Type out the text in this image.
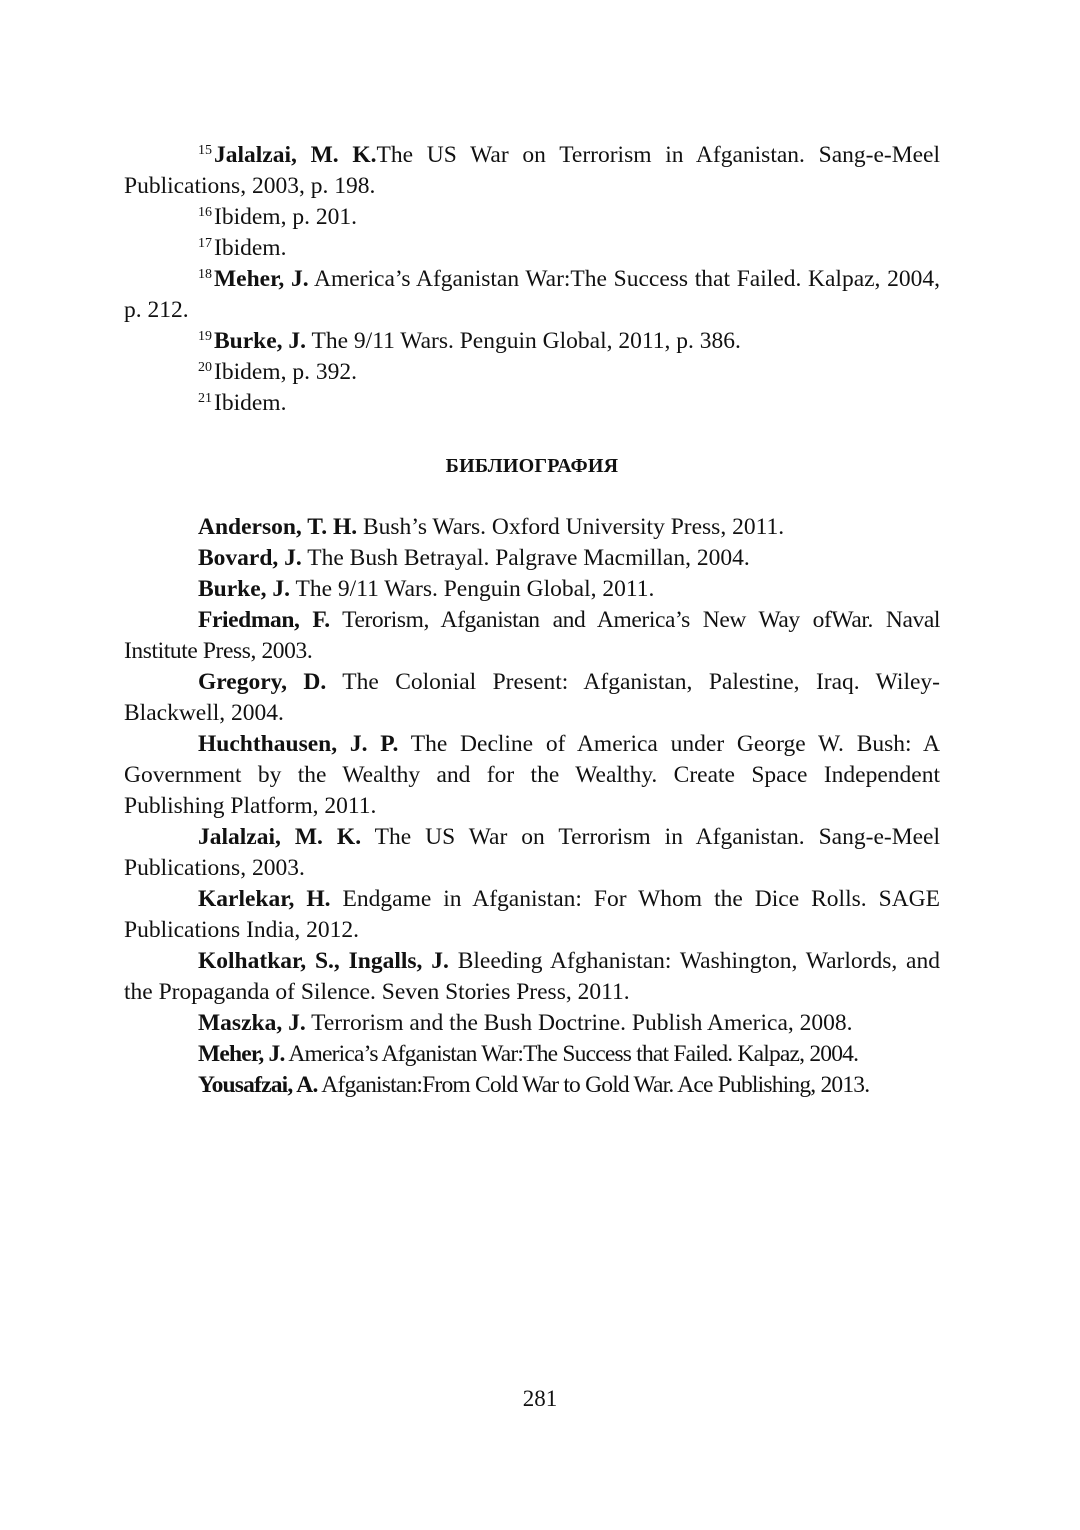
$^{15}$Jalalzai, M. K.The US War on Terrorism in Afganistan. Sang-e-Meel Publications, 2003, p. 198.

$^{16}$Ibidem, p. 201.

$^{17}$Ibidem.

$^{18}$Meher, J. America’s Afganistan War:The Success that Failed. Kalpaz, 2004, p. 212.

$^{19}$Burke, J. The 9/11 Wars. Penguin Global, 2011, p. 386.

$^{20}$Ibidem, p. 392.

$^{21}$Ibidem.

БИБЛИОГРАФИЯ

Anderson, T. H. Bush’s Wars. Oxford University Press, 2011.

Bovard, J. The Bush Betrayal. Palgrave Macmillan, 2004.

Burke, J. The 9/11 Wars. Penguin Global, 2011.

Friedman, F. Terorism, Afganistan and America’s New Way ofWar. Naval Institute Press, 2003.

Gregory, D. The Colonial Present: Afganistan, Palestine, Iraq. Wiley-Blackwell, 2004.

Huchthausen, J. P. The Decline of America under George W. Bush: A Government by the Wealthy and for the Wealthy. Create Space Independent Publishing Platform, 2011.

Jalalzai, M. K. The US War on Terrorism in Afganistan. Sang-e-Meel Publications, 2003.

Karlekar, H. Endgame in Afganistan: For Whom the Dice Rolls. SAGE Publications India, 2012.

Kolhatkar, S., Ingalls, J. Bleeding Afghanistan: Washington, Warlords, and the Propaganda of Silence. Seven Stories Press, 2011.

Maszka, J. Terrorism and the Bush Doctrine. Publish America, 2008.

Meher, J. America’s Afganistan War:The Success that Failed. Kalpaz, 2004.

Yousafzai, A. Afganistan:From Cold War to Gold War. Ace Publishing, 2013.

281
